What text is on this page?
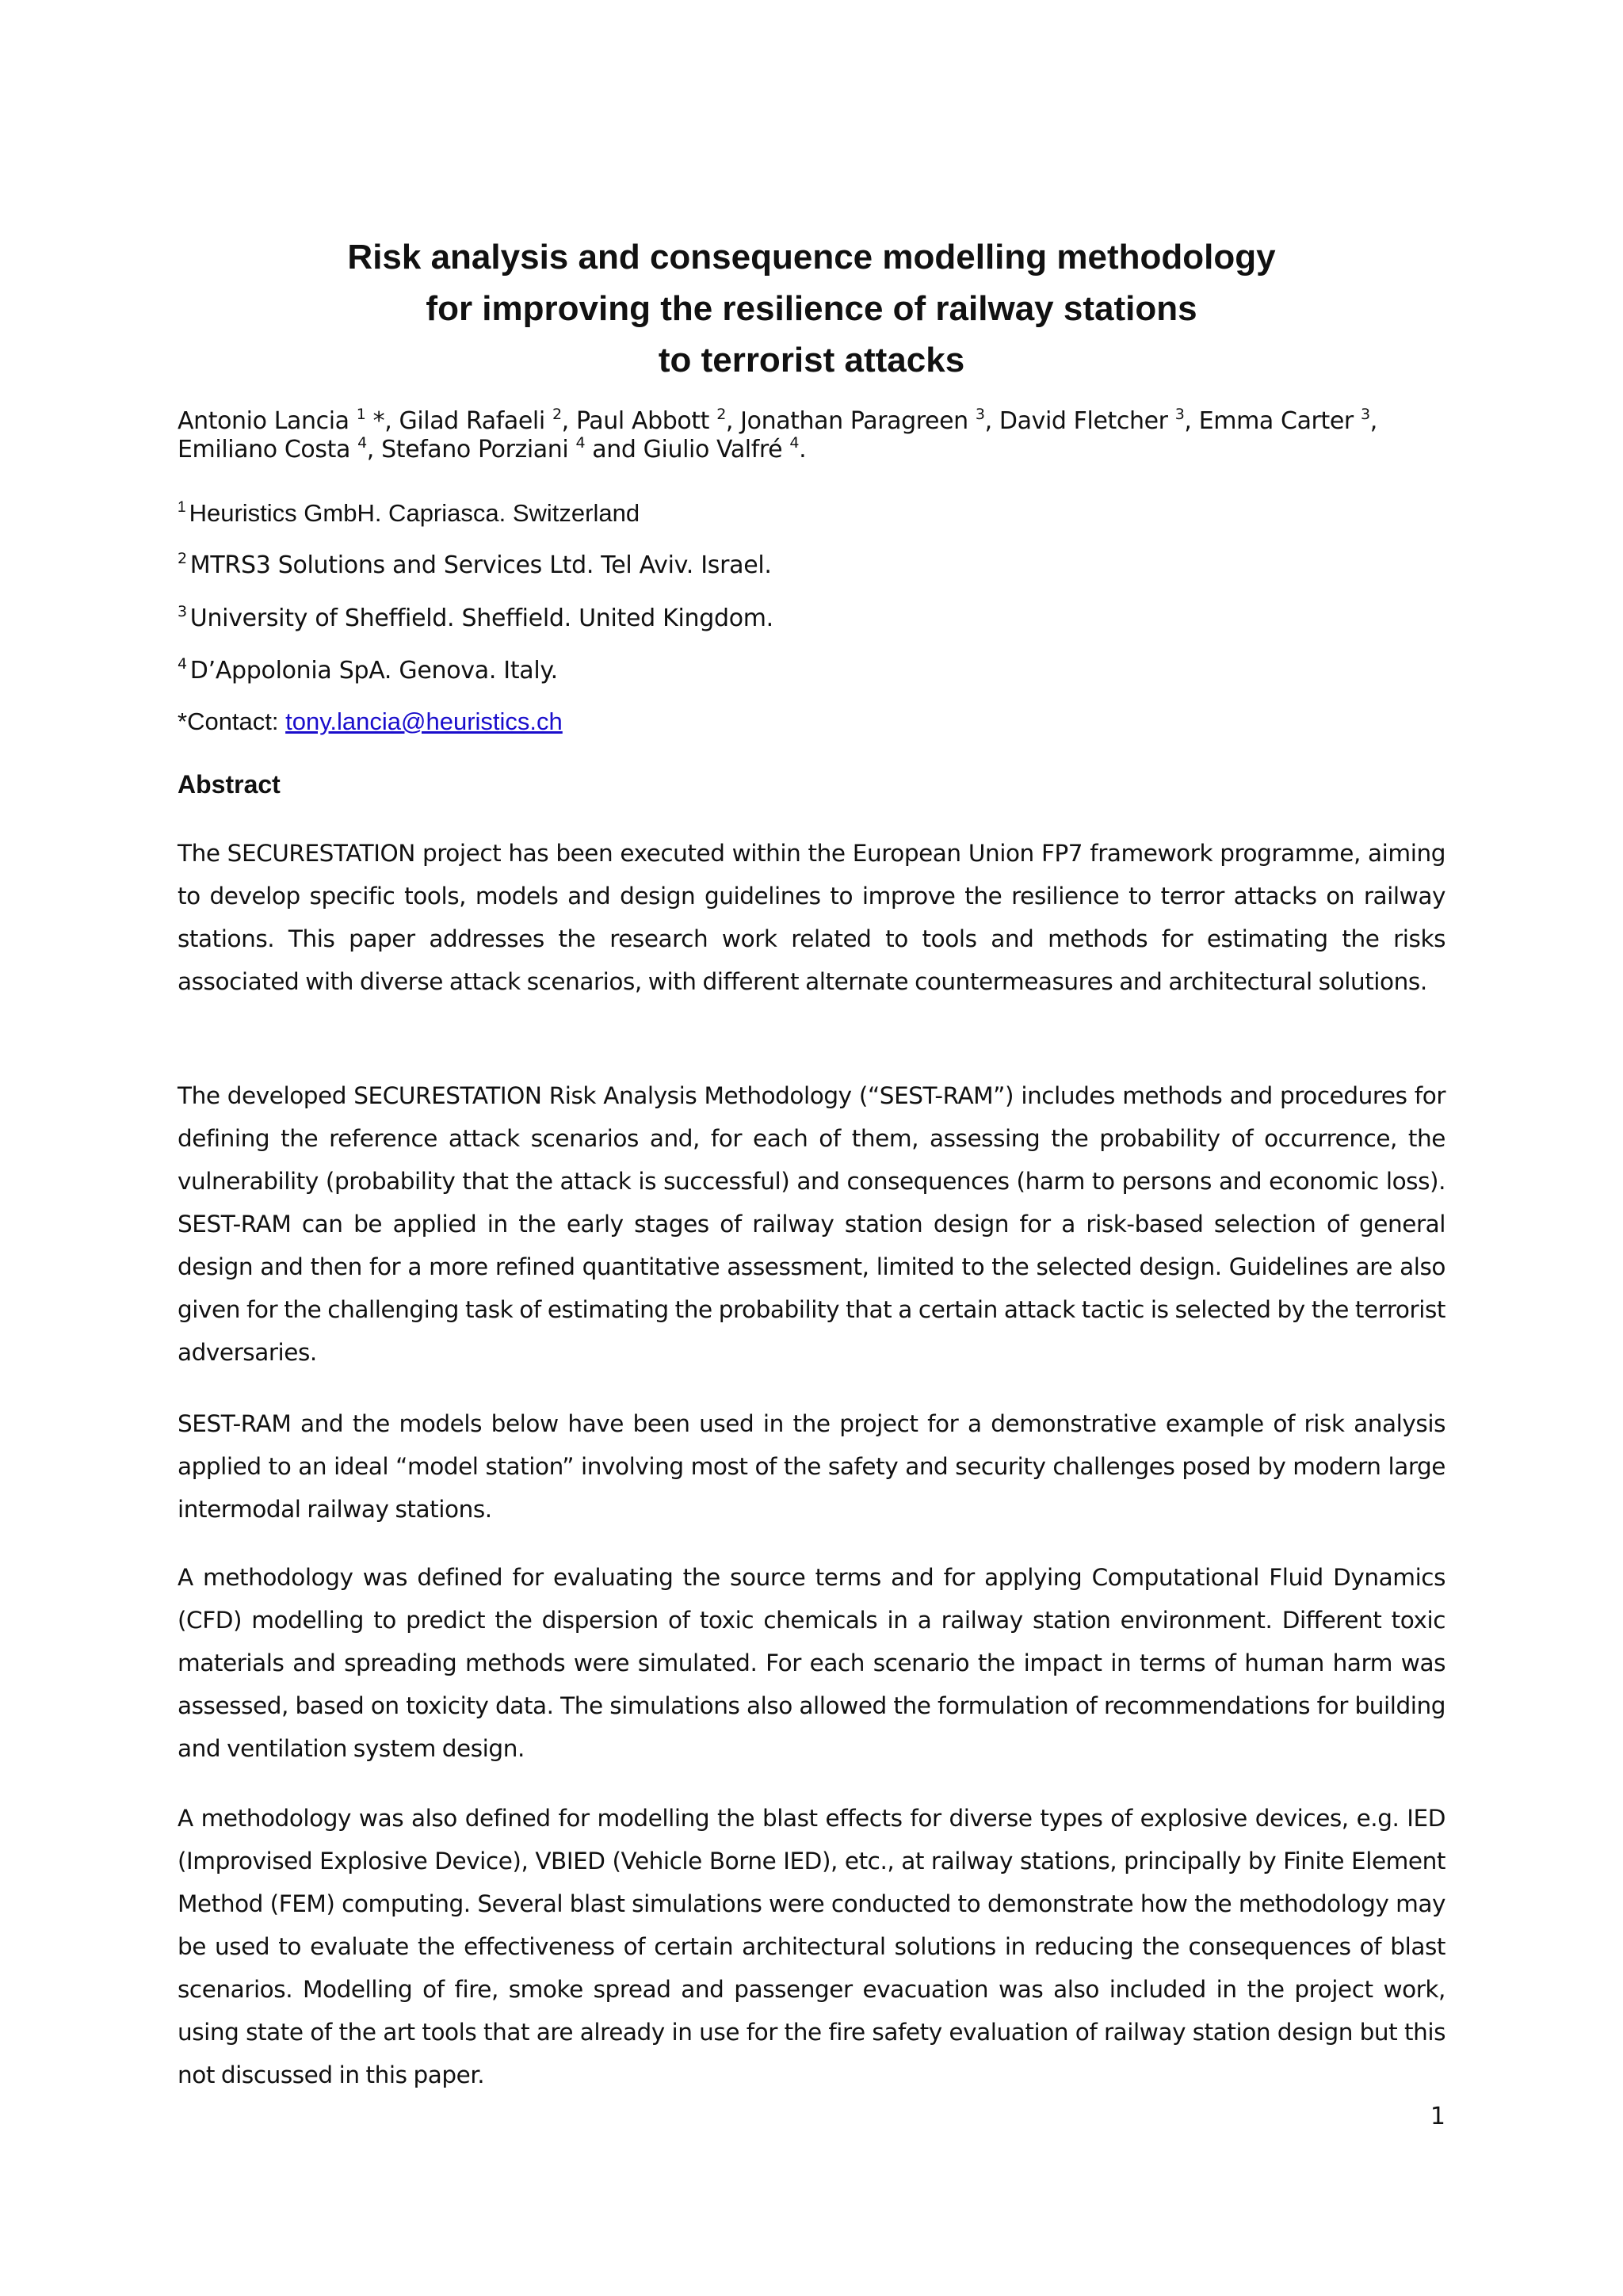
Risk analysis and consequence modelling methodology
for improving the resilience of railway stations
to terrorist attacks

Antonio Lancia $^1$ *, Gilad Rafaeli $^2$, Paul Abbott $^2$, Jonathan Paragreen $^3$, David Fletcher $^3$, Emma Carter $^3$,
Emiliano Costa $^4$, Stefano Porziani $^4$ and Giulio Valfré $^4$.

$^1$ Heuristics GmbH. Capriasca. Switzerland

$^2$ MTRS3 Solutions and Services Ltd. Tel Aviv. Israel.

$^3$ University of Sheffield. Sheffield. United Kingdom.

$^4$ D’Appolonia SpA. Genova. Italy.

*Contact: tony.lancia@heuristics.ch

Abstract

The SECURESTATION project has been executed within the European Union FP7 framework programme, aiming to develop specific tools, models and design guidelines to improve the resilience to terror attacks on railway stations. This paper addresses the research work related to tools and methods for estimating the risks associated with diverse attack scenarios, with different alternate countermeasures and architectural solutions.

The developed SECURESTATION Risk Analysis Methodology (“SEST-RAM”) includes methods and procedures for defining the reference attack scenarios and, for each of them, assessing the probability of occurrence, the vulnerability (probability that the attack is successful) and consequences (harm to persons and economic loss). SEST-RAM can be applied in the early stages of railway station design for a risk-based selection of general design and then for a more refined quantitative assessment, limited to the selected design. Guidelines are also given for the challenging task of estimating the probability that a certain attack tactic is selected by the terrorist adversaries.

SEST-RAM and the models below have been used in the project for a demonstrative example of risk analysis applied to an ideal “model station” involving most of the safety and security challenges posed by modern large intermodal railway stations.

A methodology was defined for evaluating the source terms and for applying Computational Fluid Dynamics (CFD) modelling to predict the dispersion of toxic chemicals in a railway station environment. Different toxic materials and spreading methods were simulated. For each scenario the impact in terms of human harm was assessed, based on toxicity data. The simulations also allowed the formulation of recommendations for building and ventilation system design.

A methodology was also defined for modelling the blast effects for diverse types of explosive devices, e.g. IED (Improvised Explosive Device), VBIED (Vehicle Borne IED), etc., at railway stations, principally by Finite Element Method (FEM) computing. Several blast simulations were conducted to demonstrate how the methodology may be used to evaluate the effectiveness of certain architectural solutions in reducing the consequences of blast scenarios. Modelling of fire, smoke spread and passenger evacuation was also included in the project work, using state of the art tools that are already in use for the fire safety evaluation of railway station design but this not discussed in this paper.

1
